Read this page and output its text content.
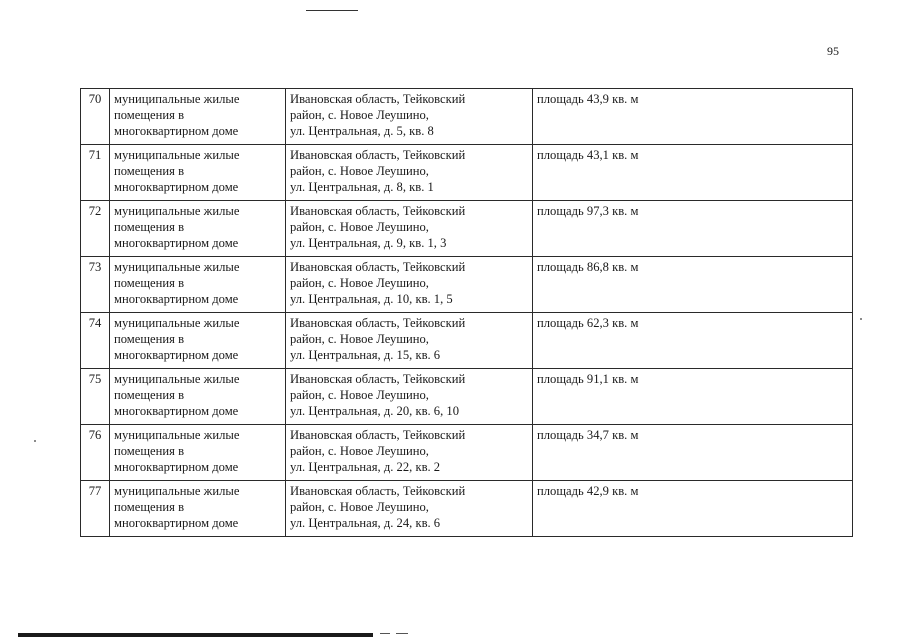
95
70	муниципальные жилые
помещения в
многоквартирном доме	Ивановская область, Тейковский
район, с. Новое Леушино,
ул. Центральная, д. 5, кв. 8	площадь 43,9 кв. м
71	муниципальные жилые
помещения в
многоквартирном доме	Ивановская область, Тейковский
район, с. Новое Леушино,
ул. Центральная, д. 8, кв. 1	площадь 43,1 кв. м
72	муниципальные жилые
помещения в
многоквартирном доме	Ивановская область, Тейковский
район, с. Новое Леушино,
ул. Центральная, д. 9, кв. 1, 3	площадь 97,3 кв. м
73	муниципальные жилые
помещения в
многоквартирном доме	Ивановская область, Тейковский
район, с. Новое Леушино,
ул. Центральная, д. 10, кв. 1, 5	площадь 86,8 кв. м
74	муниципальные жилые
помещения в
многоквартирном доме	Ивановская область, Тейковский
район, с. Новое Леушино,
ул. Центральная, д. 15, кв. 6	площадь 62,3 кв. м
75	муниципальные жилые
помещения в
многоквартирном доме	Ивановская область, Тейковский
район, с. Новое Леушино,
ул. Центральная, д. 20, кв. 6, 10	площадь 91,1 кв. м
76	муниципальные жилые
помещения в
многоквартирном доме	Ивановская область, Тейковский
район, с. Новое Леушино,
ул. Центральная, д. 22, кв. 2	площадь 34,7 кв. м
77	муниципальные жилые
помещения в
многоквартирном доме	Ивановская область, Тейковский
район, с. Новое Леушино,
ул. Центральная, д. 24, кв. 6	площадь 42,9 кв. м
